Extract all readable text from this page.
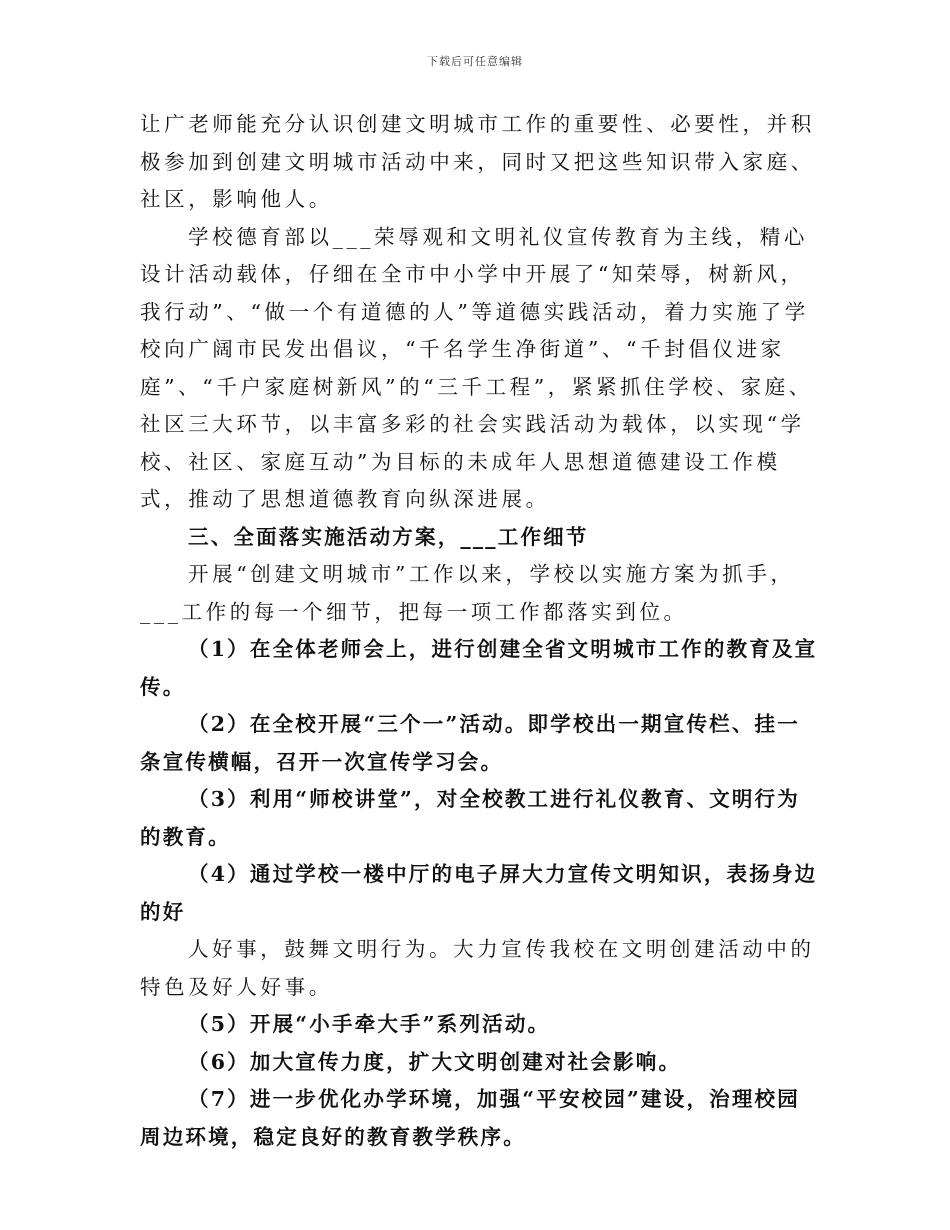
下载后可任意编辑

让广老师能充分认识创建文明城市工作的重要性、必要性，并积极参加到创建文明城市活动中来，同时又把这些知识带入家庭、社区，影响他人。

学校德育部以___荣辱观和文明礼仪宣传教育为主线，精心设计活动载体，仔细在全市中小学中开展了“知荣辱，树新风，我行动”、“做一个有道德的人”等道德实践活动，着力实施了学校向广阔市民发出倡议，“千名学生净街道”、“千封倡仪进家庭”、“千户家庭树新风”的“三千工程”，紧紧抓住学校、家庭、社区三大环节，以丰富多彩的社会实践活动为载体，以实现“学校、社区、家庭互动”为目标的未成年人思想道德建设工作模式，推动了思想道德教育向纵深进展。

三、全面落实施活动方案，___工作细节

开展“创建文明城市”工作以来，学校以实施方案为抓手，___工作的每一个细节，把每一项工作都落实到位。

（1）在全体老师会上，进行创建全省文明城市工作的教育及宣传。

（2）在全校开展“三个一”活动。即学校出一期宣传栏、挂一条宣传横幅，召开一次宣传学习会。

（3）利用“师校讲堂”，对全校教工进行礼仪教育、文明行为的教育。

（4）通过学校一楼中厅的电子屏大力宣传文明知识，表扬身边的好

人好事，鼓舞文明行为。大力宣传我校在文明创建活动中的特色及好人好事。

（5）开展“小手牵大手”系列活动。

（6）加大宣传力度，扩大文明创建对社会影响。

（7）进一步优化办学环境，加强“平安校园”建设，治理校园周边环境，稳定良好的教育教学秩序。
